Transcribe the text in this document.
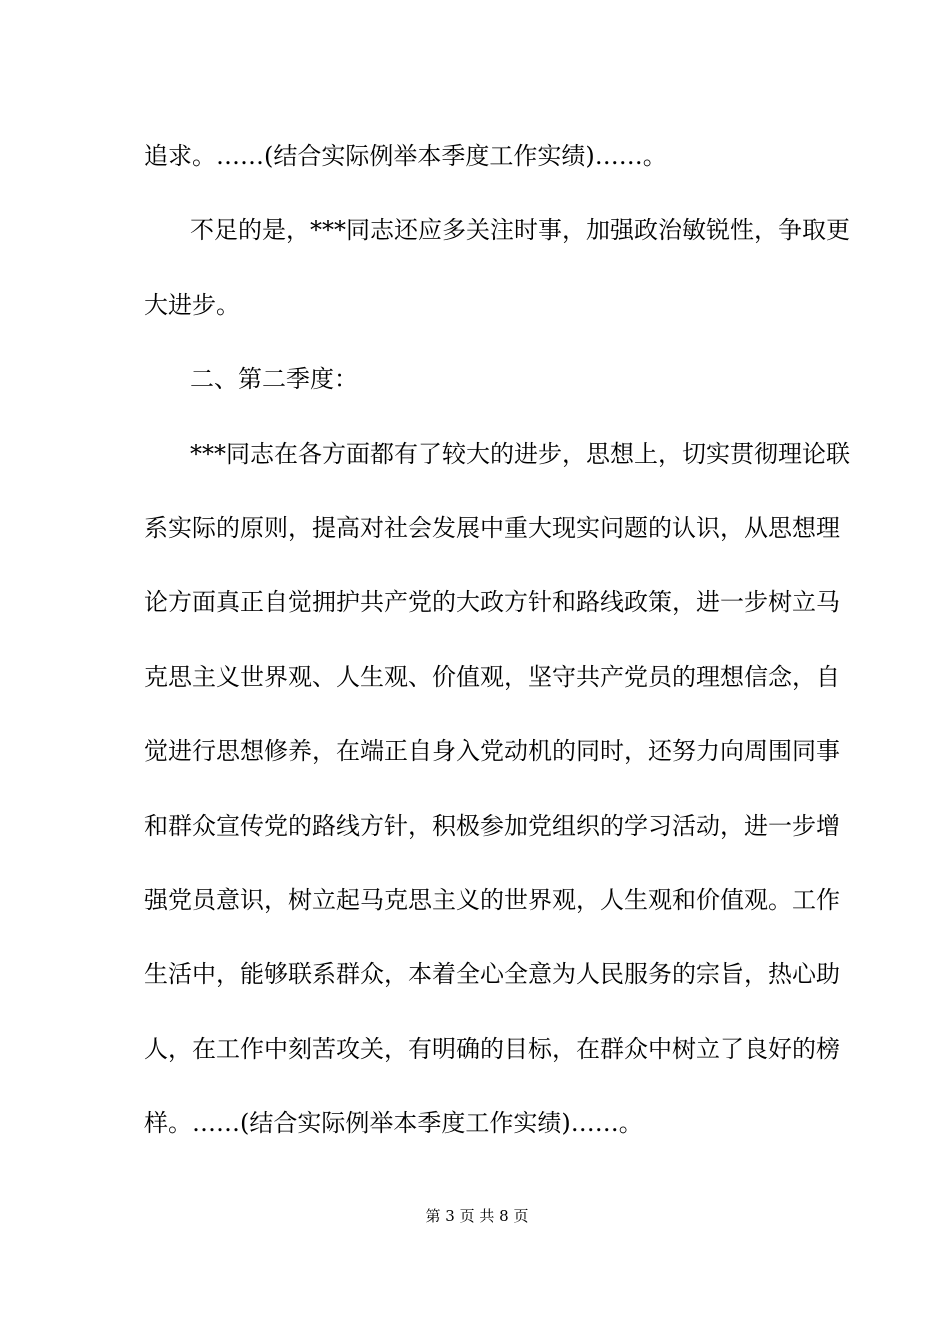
追求。……(结合实际例举本季度工作实绩)……。
不足的是，***同志还应多关注时事，加强政治敏锐性，争取更
大进步。
二、第二季度：
***同志在各方面都有了较大的进步，思想上，切实贯彻理论联
系实际的原则，提高对社会发展中重大现实问题的认识，从思想理
论方面真正自觉拥护共产党的大政方针和路线政策，进一步树立马
克思主义世界观、人生观、价值观，坚守共产党员的理想信念，自
觉进行思想修养，在端正自身入党动机的同时，还努力向周围同事
和群众宣传党的路线方针，积极参加党组织的学习活动，进一步增
强党员意识，树立起马克思主义的世界观，人生观和价值观。工作
生活中，能够联系群众，本着全心全意为人民服务的宗旨，热心助
人，在工作中刻苦攻关，有明确的目标，在群众中树立了良好的榜
样。……(结合实际例举本季度工作实绩)……。
第 3 页 共 8 页
